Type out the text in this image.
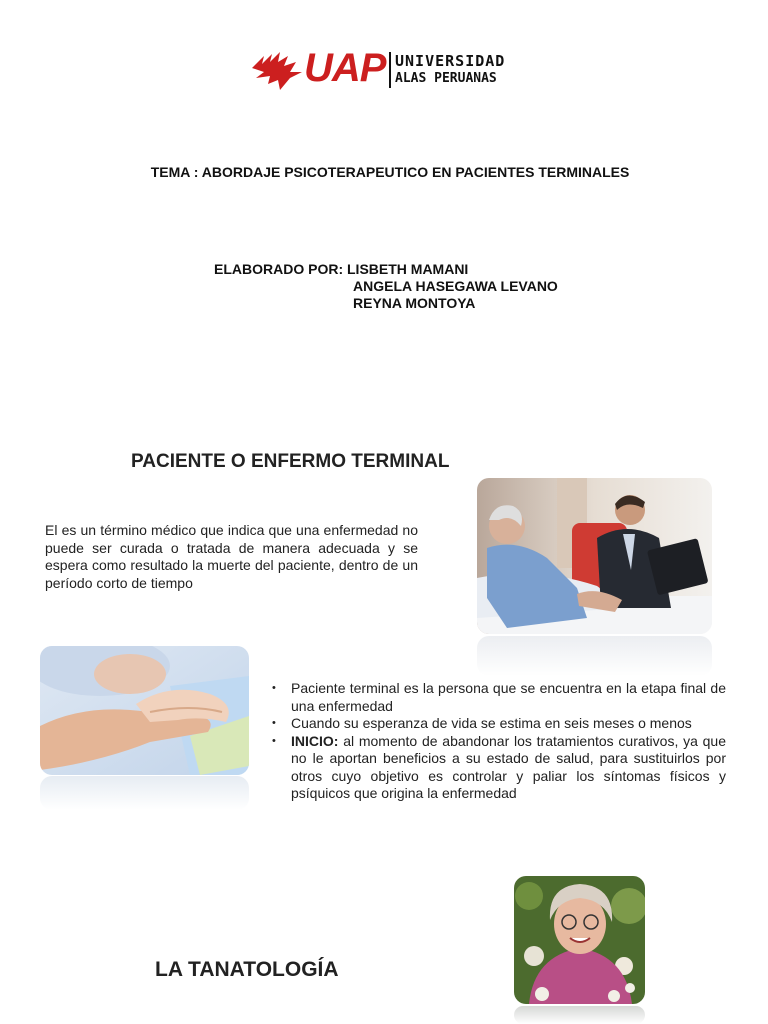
UAP UNIVERSIDAD
ALAS PERUANAS
TEMA : ABORDAJE PSICOTERAPEUTICO EN PACIENTES TERMINALES
ELABORADO POR: LISBETH MAMANI
ANGELA HASEGAWA LEVANO
REYNA MONTOYA
PACIENTE O ENFERMO TERMINAL
El es un término médico que indica que una enfermedad no puede ser curada o tratada de manera adecuada y se espera como resultado la muerte del paciente, dentro de un período corto de tiempo
• Paciente terminal es la persona que se encuentra en la etapa final de una enfermedad
• Cuando su esperanza de vida se estima en seis meses o menos
• INICIO: al momento de abandonar los tratamientos curativos, ya que no le aportan beneficios a su estado de salud, para sustituirlos por otros cuyo objetivo es controlar y paliar los síntomas físicos y psíquicos que origina la enfermedad
LA TANATOLOGÍA
